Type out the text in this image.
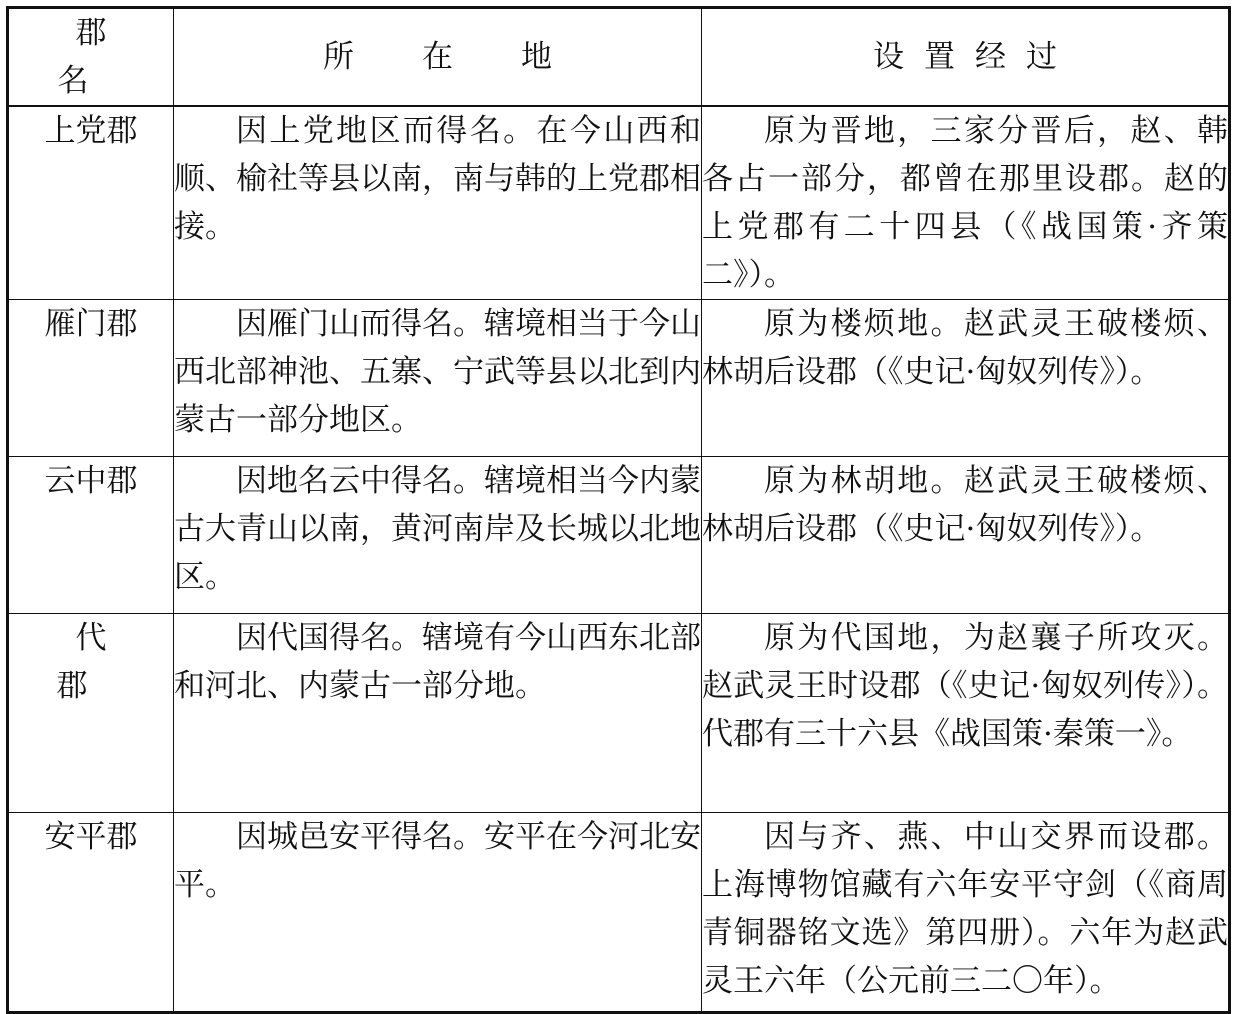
郡名	所在地	设置经过
上党郡	因上党地区而得名。在今山西和顺、榆社等县以南，南与韩的上党郡相接。	原为晋地，三家分晋后，赵、韩各占一部分，都曾在那里设郡。赵的上党郡有二十四县（《战国策·齐策二》）。

雁门郡	因雁门山而得名。辖境相当于今山西北部神池、五寨、宁武等县以北到内蒙古一部分地区。	原为楼烦地。赵武灵王破楼烦、林胡后设郡（《史记·匈奴列传》）。

云中郡	因地名云中得名。辖境相当今内蒙古大青山以南，黄河南岸及长城以北地区。	原为林胡地。赵武灵王破楼烦、林胡后设郡（《史记·匈奴列传》）。

代郡	因代国得名。辖境有今山西东北部和河北、内蒙古一部分地。	原为代国地，为赵襄子所攻灭。赵武灵王时设郡（《史记·匈奴列传》）。代郡有三十六县《战国策·秦策一》。

安平郡	因城邑安平得名。安平在今河北安平。	因与齐、燕、中山交界而设郡。上海博物馆藏有六年安平守剑（《商周青铜器铭文选》第四册）。六年为赵武灵王六年（公元前三二〇年）。
